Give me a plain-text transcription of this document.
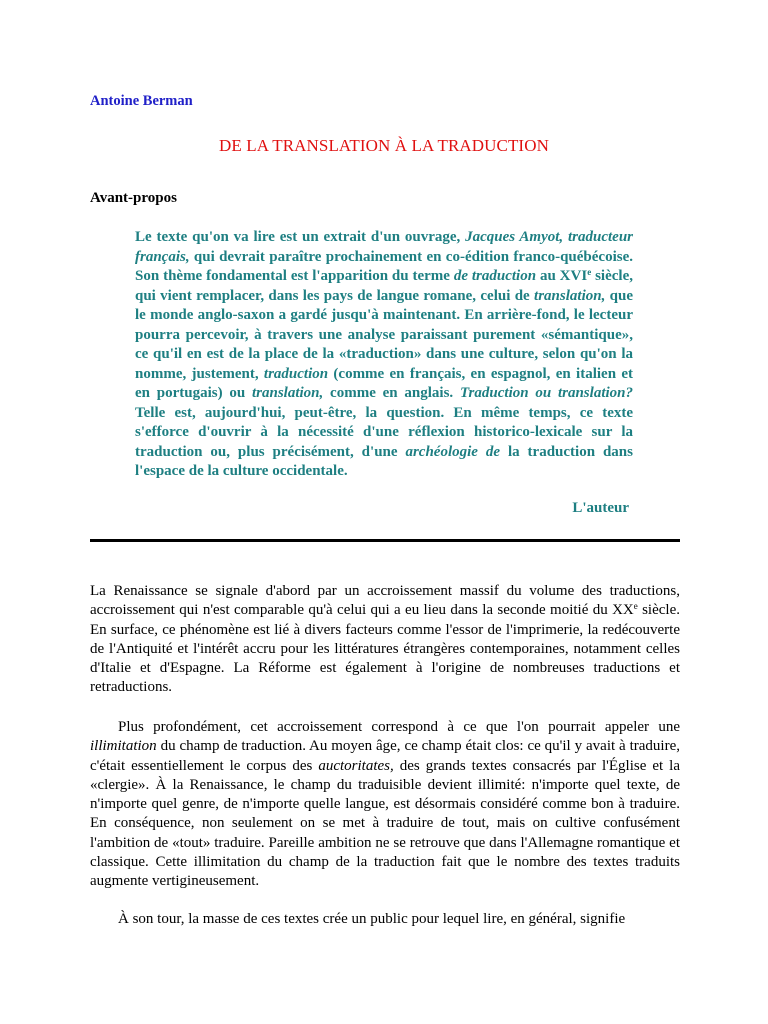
Antoine Berman
DE LA TRANSLATION À LA TRADUCTION
Avant-propos

Le texte qu'on va lire est un extrait d'un ouvrage, Jacques Amyot, traducteur français, qui devrait paraître prochainement en co-édition franco-québécoise. Son thème fondamental est l'apparition du terme de traduction au XVIe siècle, qui vient remplacer, dans les pays de langue romane, celui de translation, que le monde anglo-saxon a gardé jusqu'à maintenant. En arrière-fond, le lecteur pourra percevoir, à travers une analyse paraissant purement «sémantique», ce qu'il en est de la place de la «traduction» dans une culture, selon qu'on la nomme, justement, traduction (comme en français, en espagnol, en italien et en portugais) ou translation, comme en anglais. Traduction ou translation? Telle est, aujourd'hui, peut-être, la question. En même temps, ce texte s'efforce d'ouvrir à la nécessité d'une réflexion historico-lexicale sur la traduction ou, plus précisément, d'une archéologie de la traduction dans l'espace de la culture occidentale.

L'auteur

La Renaissance se signale d'abord par un accroissement massif du volume des traductions, accroissement qui n'est comparable qu'à celui qui a eu lieu dans la seconde moitié du XXe siècle. En surface, ce phénomène est lié à divers facteurs comme l'essor de l'imprimerie, la redécouverte de l'Antiquité et l'intérêt accru pour les littératures étrangères contemporaines, notamment celles d'Italie et d'Espagne. La Réforme est également à l'origine de nombreuses traductions et retraductions.

Plus profondément, cet accroissement correspond à ce que l'on pourrait appeler une illimitation du champ de traduction. Au moyen âge, ce champ était clos: ce qu'il y avait à traduire, c'était essentiellement le corpus des auctoritates, des grands textes consacrés par l'Église et la «clergie». À la Renaissance, le champ du traduisible devient illimité: n'importe quel texte, de n'importe quel genre, de n'importe quelle langue, est désormais considéré comme bon à traduire. En conséquence, non seulement on se met à traduire de tout, mais on cultive confusément l'ambition de «tout» traduire. Pareille ambition ne se retrouve que dans l'Allemagne romantique et classique. Cette illimitation du champ de la traduction fait que le nombre des textes traduits augmente vertigineusement.

À son tour, la masse de ces textes crée un public pour lequel lire, en général, signifie
